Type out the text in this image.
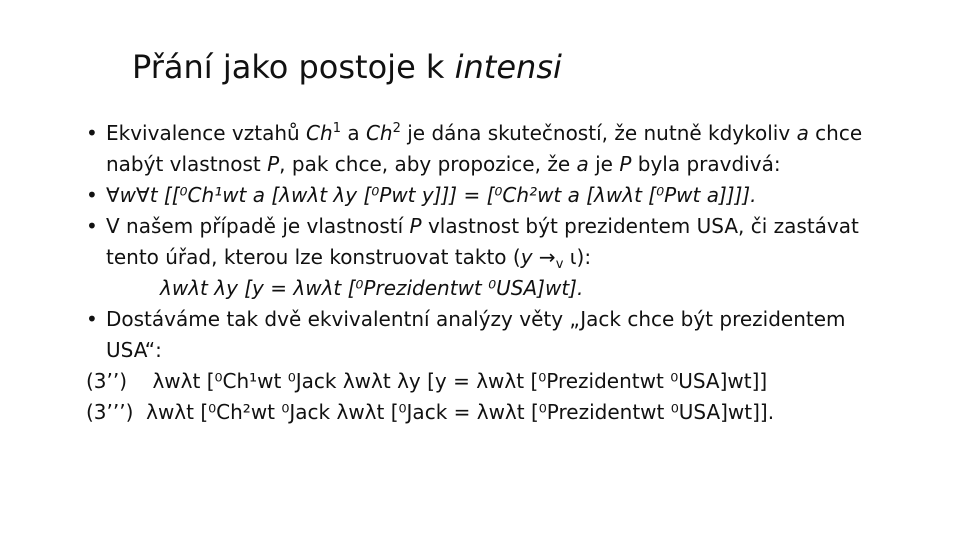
Přání jako postoje k intensi
• Ekvivalence vztahů Ch$^1$ a Ch$^2$ je dána skutečností, že nutně kdykoliv a chce
nabýt vlastnost P, pak chce, aby propozice, že a je P byla pravdivá:
• ∀w∀t [[⁰Ch¹wt a [λwλt λy [⁰Pwt y]]] = [⁰Ch²wt a [λwλt [⁰Pwt a]]]].
• V našem případě je vlastností P vlastnost být prezidentem USA, či zastávat
tento úřad, kterou lze konstruovat takto ($y \to_v$ ι):
λwλt λy [y = λwλt [⁰Prezidentwt ⁰USA]wt].
• Dostáváme tak dvě ekvivalentní analýzy věty „Jack chce být prezidentem
USA“:
(3’’)    λwλt [⁰Ch¹wt ⁰Jack λwλt λy [y = λwλt [⁰Prezidentwt ⁰USA]wt]]
(3’’’)  λwλt [⁰Ch²wt ⁰Jack λwλt [⁰Jack = λwλt [⁰Prezidentwt ⁰USA]wt]].
